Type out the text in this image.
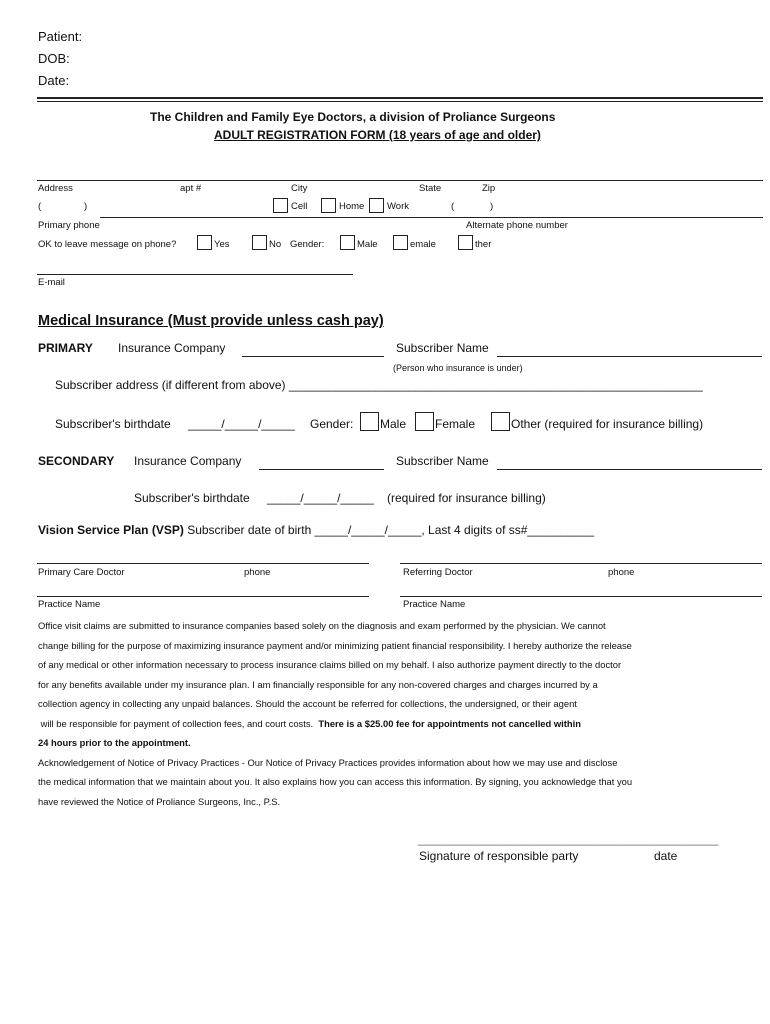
Patient:
DOB:
Date:
The Children and Family Eye Doctors, a division of Proliance Surgeons
ADULT REGISTRATION FORM (18 years of age and older)
Address	apt #	City	State	Zip
(	)	Cell	Home Work	(	)
Primary phone	Alternate phone number
OK to leave message on phone?	Yes	No Gender:	Male	emale	ther
E-mail
Medical Insurance (Must provide unless cash pay)
PRIMARY Insurance Company	Subscriber Name
(Person who insurance is under)
Subscriber address (if different from above) ______________________________________________________________
Subscriber's birthdate _____/_____/_____ Gender: Male Female	Other (required for insurance billing)
SECONDARY Insurance Company	Subscriber Name
Subscriber's birthdate _____/_____/_____ (required for insurance billing)
Vision Service Plan (VSP) Subscriber date of birth _____/_____/_____, Last 4 digits of ss#__________
Primary Care Doctor	phone	Referring Doctor	phone
Practice Name	Practice Name
Office visit claims are submitted to insurance companies based solely on the diagnosis and exam performed by the physician. We cannot
change billing for the purpose of maximizing insurance payment and/or minimizing patient financial responsibility. I hereby authorize the release
of any medical or other information necessary to process insurance claims billed on my behalf. I also authorize payment directly to the doctor
for any benefits available under my insurance plan. I am financially responsible for any non-covered charges and charges incurred by a
collection agency in collecting any unpaid balances. Should the account be referred for collections, the undersigned, or their agent
will be responsible for payment of collection fees, and court costs.  There is a $25.00 fee for appointments not cancelled within
24 hours prior to the appointment.
Acknowledgement of Notice of Privacy Practices - Our Notice of Privacy Practices provides information about how we may use and disclose
the medical information that we maintain about you. It also explains how you can access this information. By signing, you acknowledge that you
have reviewed the Notice of Proliance Surgeons, Inc., P.S.
_____________________________________________
Signature of responsible party	date
